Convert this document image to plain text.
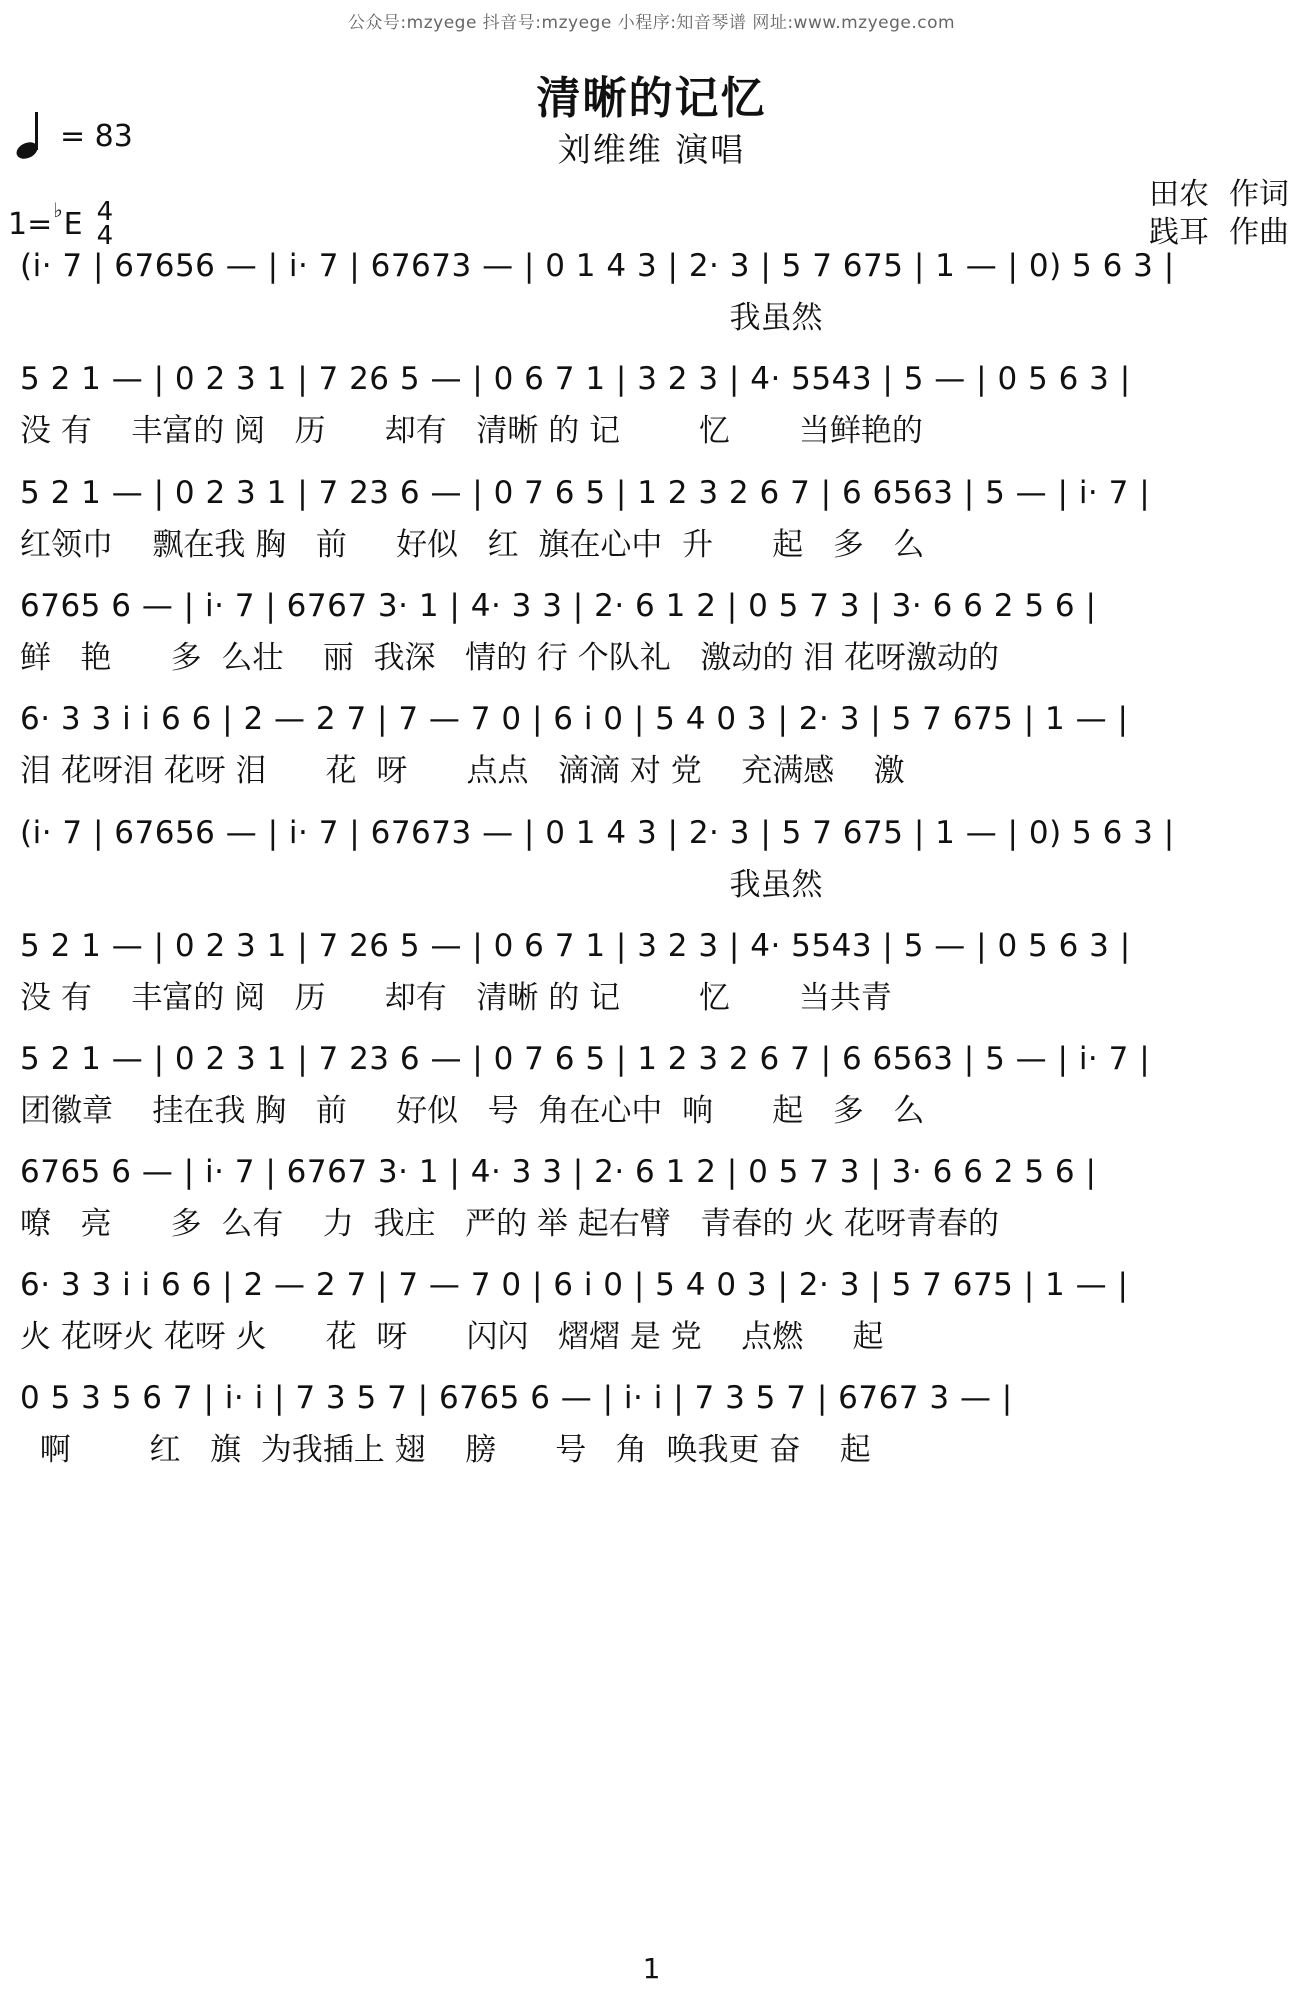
公众号:mzyege 抖音号:mzyege 小程序:知音琴谱 网址:www.mzyege.com
清晰的记忆
刘维维 演唱
= 83
1= ♭ E 4
4
田农 作词
践耳 作曲
(i· 7 | 67656 — | i· 7 | 67673 — | 0 1 4 3 | 2· 3 | 5 7 675 | 1 — | 0) 5 6 3 |
我虽然
5 2 1 — | 0 2 3 1 | 7 26 5 — | 0 6 7 1 | 3 2 3 | 4· 5543 | 5 — | 0 5 6 3 |
没 有    丰富的 阅   历      却有   清晰 的 记        忆       当鲜艳的
5 2 1 — | 0 2 3 1 | 7 23 6 — | 0 7 6 5 | 1 2 3 2 6 7 | 6 6563 | 5 — | i· 7 |
红领巾    飘在我 胸   前     好似   红  旗在心中  升      起   多   么
6765 6 — | i· 7 | 6767 3· 1 | 4· 3 3 | 2· 6 1 2 | 0 5 7 3 | 3· 6 6 2 5 6 |
鲜   艳      多  么壮    丽  我深   情的 行 个队礼   激动的 泪 花呀激动的
6· 3 3 i i 6 6 | 2 — 2 7 | 7 — 7 0 | 6 i 0 | 5 4 0 3 | 2· 3 | 5 7 675 | 1 — |
泪 花呀泪 花呀 泪      花  呀      点点   滴滴 对 党    充满感    激
(i· 7 | 67656 — | i· 7 | 67673 — | 0 1 4 3 | 2· 3 | 5 7 675 | 1 — | 0) 5 6 3 |
我虽然
5 2 1 — | 0 2 3 1 | 7 26 5 — | 0 6 7 1 | 3 2 3 | 4· 5543 | 5 — | 0 5 6 3 |
没 有    丰富的 阅   历      却有   清晰 的 记        忆       当共青
5 2 1 — | 0 2 3 1 | 7 23 6 — | 0 7 6 5 | 1 2 3 2 6 7 | 6 6563 | 5 — | i· 7 |
团徽章    挂在我 胸   前     好似   号  角在心中  响      起   多   么
6765 6 — | i· 7 | 6767 3· 1 | 4· 3 3 | 2· 6 1 2 | 0 5 7 3 | 3· 6 6 2 5 6 |
嘹   亮      多  么有    力  我庄   严的 举 起右臂   青春的 火 花呀青春的
6· 3 3 i i 6 6 | 2 — 2 7 | 7 — 7 0 | 6 i 0 | 5 4 0 3 | 2· 3 | 5 7 675 | 1 — |
火 花呀火 花呀 火      花  呀      闪闪   熠熠 是 党    点燃     起
0 5 3 5 6 7 | i· i | 7 3 5 7 | 6765 6 — | i· i | 7 3 5 7 | 6767 3 — |
啊        红   旗  为我插上 翅    膀      号   角  唤我更 奋    起
1
